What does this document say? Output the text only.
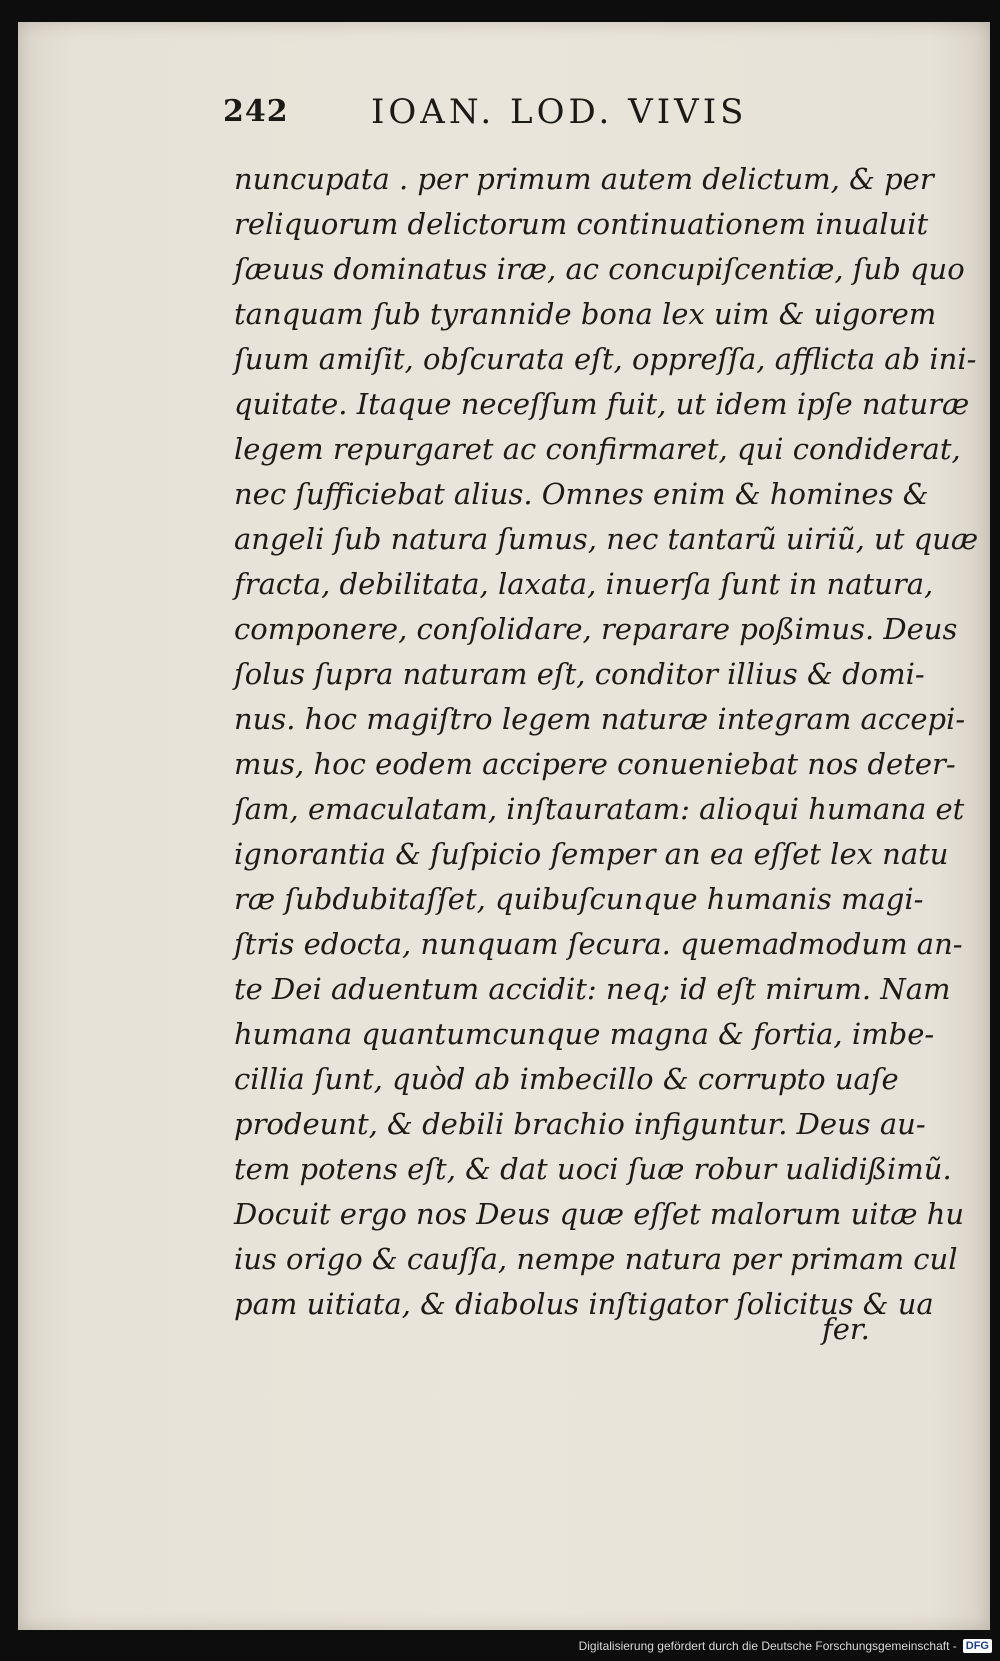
242 IOAN. LOD. VIVIS
nuncupata . per primum autem delictum, & per
reliquorum delictorum continuationem inualuit
ſæuus dominatus iræ, ac concupiſcentiæ, ſub quo
tanquam ſub tyrannide bona lex uim & uigorem
ſuum amiſit, obſcurata eſt, oppreſſa, afflicta ab ini-
quitate. Itaque neceſſum fuit, ut idem ipſe naturæ
legem repurgaret ac confirmaret, qui condiderat,
nec ſufficiebat alius. Omnes enim & homines &
angeli ſub natura ſumus, nec tantarũ uiriũ, ut quæ
fracta, debilitata, laxata, inuerſa ſunt in natura,
componere, conſolidare, reparare poßimus. Deus
ſolus ſupra naturam eſt, conditor illius & domi-
nus. hoc magiſtro legem naturæ integram accepi-
mus, hoc eodem accipere conueniebat nos deter-
ſam, emaculatam, inſtauratam: alioqui humana et
ignorantia & ſuſpicio ſemper an ea eſſet lex natu
ræ ſubdubitaſſet, quibuſcunque humanis magi-
ſtris edocta, nunquam ſecura. quemadmodum an-
te Dei aduentum accidit: neq; id eſt mirum. Nam
humana quantumcunque magna & fortia, imbe-
cillia ſunt, quòd ab imbecillo & corrupto uaſe
prodeunt, & debili brachio infiguntur. Deus au-
tem potens eſt, & dat uoci ſuæ robur ualidißimũ.
Docuit ergo nos Deus quæ eſſet malorum uitæ hu
ius origo & cauſſa, nempe natura per primam cul
pam uitiata, & diabolus inſtigator ſolicitus & ua
fer.
Digitalisierung gefördert durch die Deutsche Forschungsgemeinschaft - DFG
